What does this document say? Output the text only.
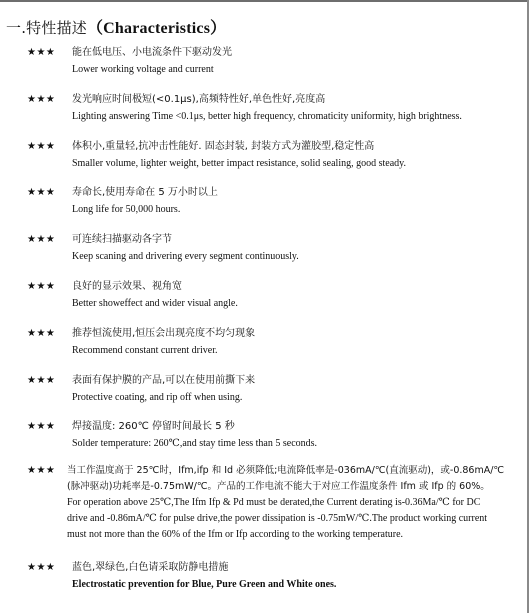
一.特性描述（Characteristics）
★★★ 能在低电压、小电流条件下驱动发光
Lower working voltage and current
★★★ 发光响应时间极短(<0.1μs),高频特性好,单色性好,亮度高
Lighting answering Time <0.1μs, better high frequency, chromaticity uniformity, high brightness.
★★★ 体积小,重量轻,抗冲击性能好. 固态封装, 封装方式为灌胶型,稳定性高
Smaller volume, lighter weight, better impact resistance, solid sealing, good steady.
★★★ 寿命长,使用寿命在 5 万小时以上
Long life for 50,000 hours.
★★★ 可连续扫描驱动各字节
Keep scaning and drivering every segment continuously.
★★★ 良好的显示效果、视角宽
Better showeffect and wider visual angle.
★★★ 推荐恒流使用,恒压会出现亮度不均匀现象
Recommend constant current driver.
★★★ 表面有保护膜的产品,可以在使用前撕下来
Protective coating, and rip off when using.
★★★ 焊接温度: 260℃ 停留时间最长 5 秒
Solder temperature: 260℃,and stay time less than 5 seconds.
★★★ 当工作温度高于 25℃时，Ifm,ifp 和 Id 必须降低;电流降低率是-036mA/℃(直流驱动)，或-0.86mA/℃
(脉冲驱动)功耗率是-0.75mW/℃。产品的工作电流不能大于对应工作温度条件 Ifm 或 Ifp 的 60%。
For operation above 25℃,The Ifm Ifp & Pd must be derated,the Current derating is-0.36Ma/℃ for DC
drive and -0.86mA/℃ for pulse drive,the power dissipation is -0.75mW/℃.The product working current
must not more than the 60% of the Ifm or Ifp according to the working temperature.
★★★ 蓝色,翠绿色,白色请采取防静电措施
Electrostatic prevention for Blue, Pure Green and White ones.
